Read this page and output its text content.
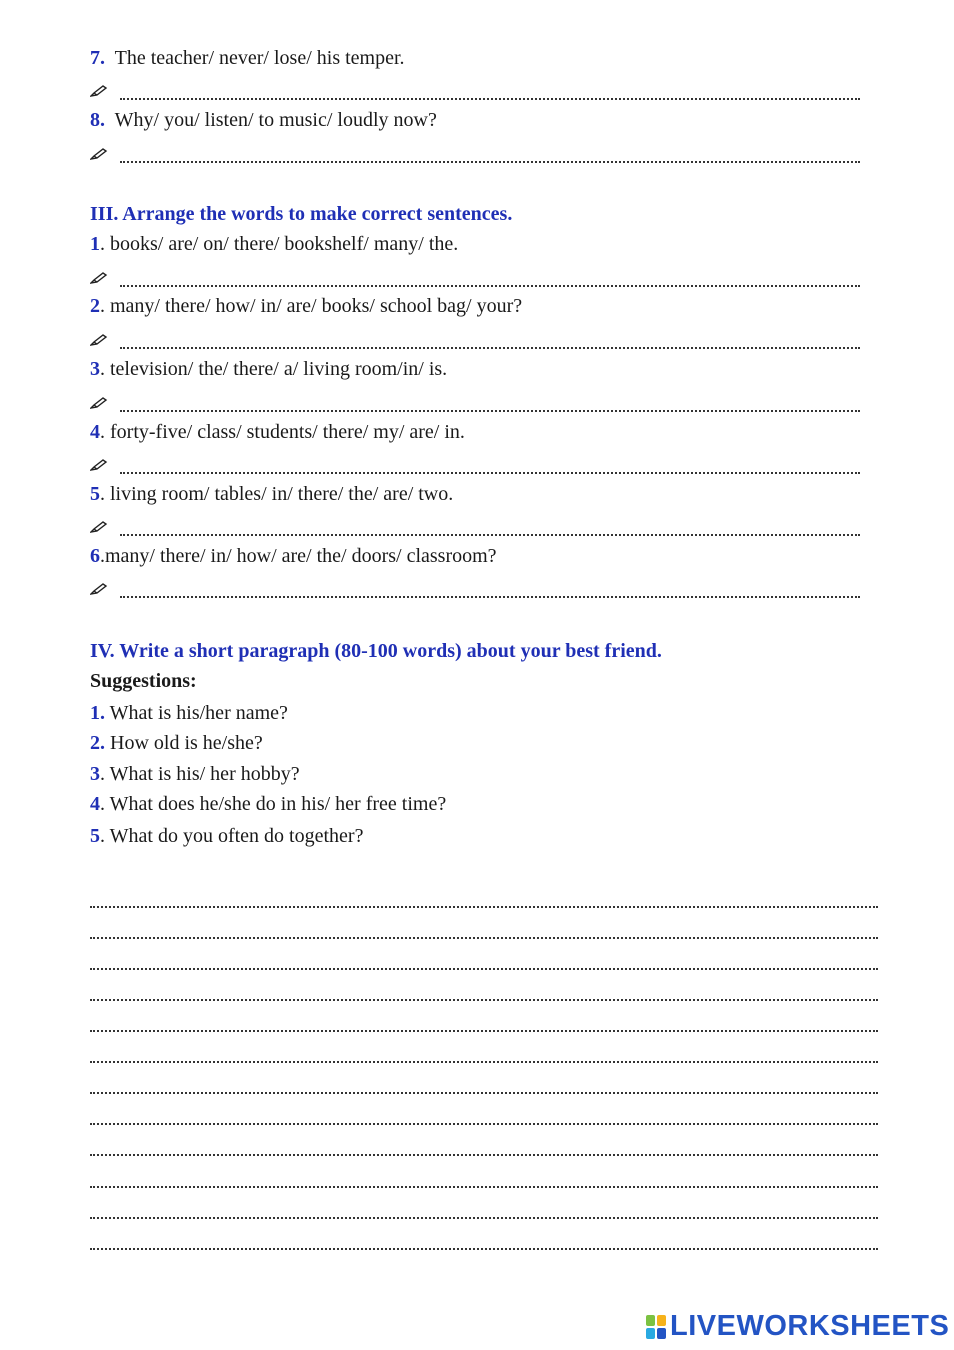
7. The teacher/ never/ lose/ his temper.
8. Why/ you/ listen/ to music/ loudly now?
III. Arrange the words to make correct sentences.
1. books/ are/ on/ there/ bookshelf/ many/ the.
2. many/ there/ how/ in/ are/ books/ school bag/ your?
3. television/ the/ there/ a/ living room/in/ is.
4. forty-five/ class/ students/ there/ my/ are/ in.
5. living room/ tables/ in/ there/ the/ are/ two.
6.many/ there/ in/ how/ are/ the/ doors/ classroom?
IV. Write a short paragraph (80-100 words) about your best friend.
Suggestions:
1. What is his/her name?
2. How old is he/she?
3. What is his/ her hobby?
4. What does he/she do in his/ her free time?
5. What do you often do together?
LIVEWORKSHEETS
